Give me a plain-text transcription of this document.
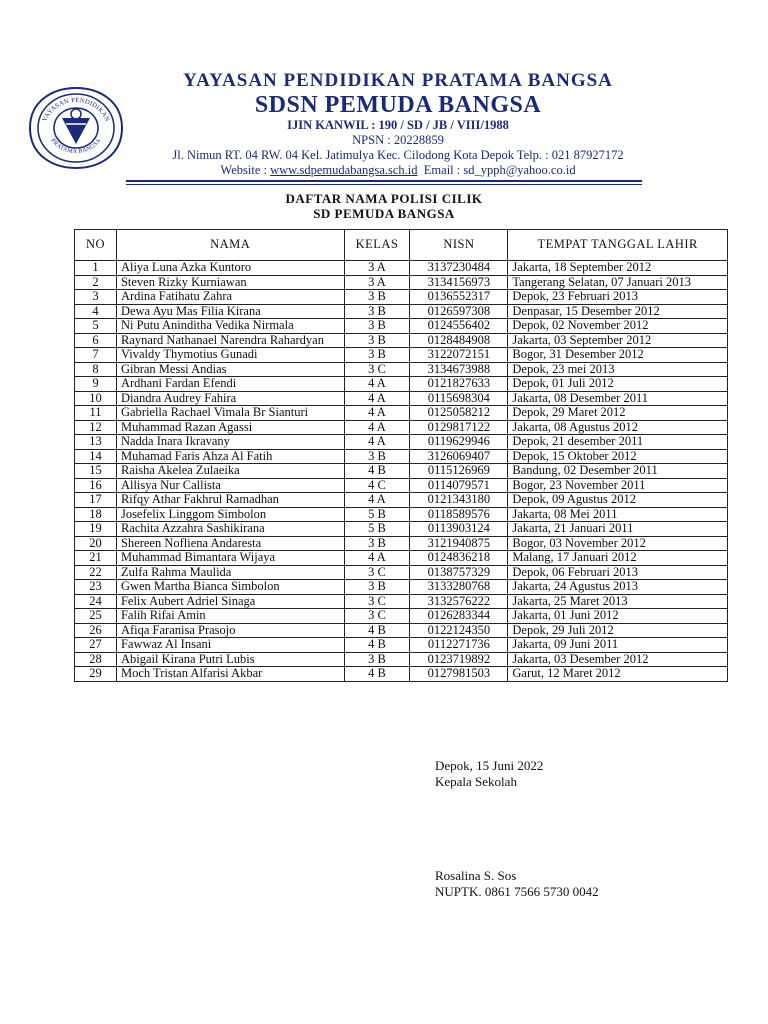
YAYASAN PENDIDIKAN
PRATAMA BANGSA
YAYASAN PENDIDIKAN PRATAMA BANGSA
SDSN PEMUDA BANGSA
IJIN KANWIL : 190 / SD / JB / VIII/1988
NPSN : 20228859
Jl. Nimun RT. 04 RW. 04 Kel. Jatimulya Kec. Cilodong Kota Depok Telp. : 021 87927172
Website : www.sdpemudabangsa.sch.id Email : sd_ypph@yahoo.co.id
DAFTAR NAMA POLISI CILIK
SD PEMUDA BANGSA
NO	NAMA	KELAS	NISN	TEMPAT TANGGAL LAHIR
1	Aliya Luna Azka Kuntoro	3 A	3137230484	Jakarta, 18 September 2012
2	Steven Rizky Kurniawan	3 A	3134156973	Tangerang Selatan, 07 Januari 2013
3	Ardina Fatihatu Zahra	3 B	0136552317	Depok, 23 Februari 2013
4	Dewa Ayu Mas Filia Kirana	3 B	0126597308	Denpasar, 15 Desember 2012
5	Ni Putu Aninditha Vedika Nirmala	3 B	0124556402	Depok, 02 November 2012
6	Raynard Nathanael Narendra Rahardyan	3 B	0128484908	Jakarta, 03 September 2012
7	Vivaldy Thymotius Gunadi	3 B	3122072151	Bogor, 31 Desember 2012
8	Gibran Messi Andias	3 C	3134673988	Depok, 23 mei 2013
9	Ardhani Fardan Efendi	4 A	0121827633	Depok, 01 Juli 2012
10	Diandra Audrey Fahira	4 A	0115698304	Jakarta, 08 Desember 2011
11	Gabriella Rachael Vimala Br Sianturi	4 A	0125058212	Depok, 29 Maret 2012
12	Muhammad Razan Agassi	4 A	0129817122	Jakarta, 08 Agustus 2012
13	Nadda Inara Ikravany	4 A	0119629946	Depok, 21 desember 2011
14	Muhamad Faris Ahza Al Fatih	3 B	3126069407	Depok, 15 Oktober 2012
15	Raisha Akelea Zulaeika	4 B	0115126969	Bandung, 02 Desember 2011
16	Allisya Nur Callista	4 C	0114079571	Bogor, 23 November 2011
17	Rifqy Athar Fakhrul Ramadhan	4 A	0121343180	Depok, 09 Agustus 2012
18	Josefelix Linggom Simbolon	5 B	0118589576	Jakarta, 08 Mei 2011
19	Rachita Azzahra Sashikirana	5 B	0113903124	Jakarta, 21 Januari 2011
20	Shereen Nofliena Andaresta	3 B	3121940875	Bogor, 03 November 2012
21	Muhammad Bimantara Wijaya	4 A	0124836218	Malang, 17 Januari 2012
22	Zulfa Rahma Maulida	3 C	0138757329	Depok, 06 Februari 2013
23	Gwen Martha Bianca Simbolon	3 B	3133280768	Jakarta, 24 Agustus 2013
24	Felix Aubert Adriel Sinaga	3 C	3132576222	Jakarta, 25 Maret 2013
25	Falih Rifai Amin	3 C	0126283344	Jakarta, 01 Juni 2012
26	Afiqa Faranisa Prasojo	4 B	0122124350	Depok, 29 Juli 2012
27	Fawwaz Al Insani	4 B	0112271736	Jakarta, 09 Juni 2011
28	Abigail Kirana Putri Lubis	3 B	0123719892	Jakarta, 03 Desember 2012
29	Moch Tristan Alfarisi Akbar	4 B	0127981503	Garut, 12 Maret 2012
Depok, 15 Juni 2022
Kepala Sekolah
Rosalina S. Sos
NUPTK. 0861 7566 5730 0042
